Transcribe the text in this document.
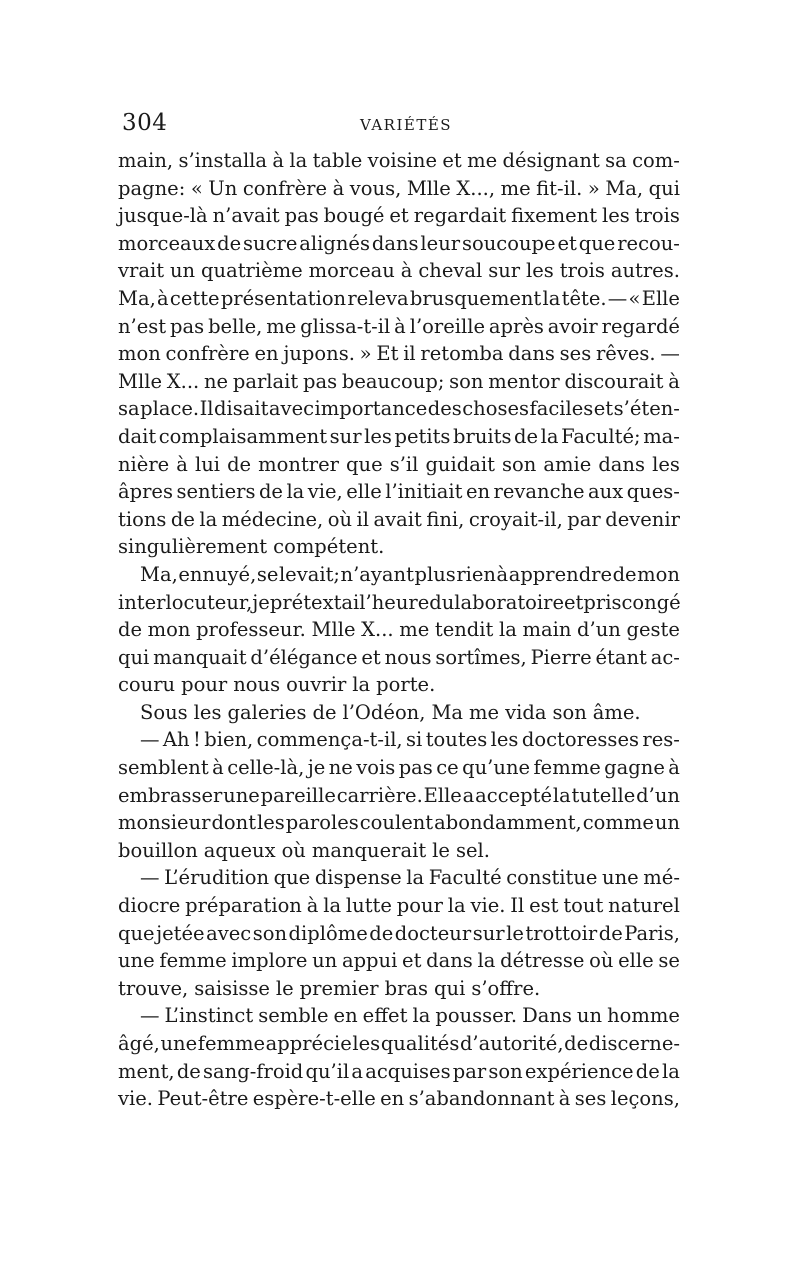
304	VARIÉTÉS
main, s’installa à la table voisine et me désignant sa com-
pagne: « Un confrère à vous, Mlle X..., me fit-il. » Ma, qui
jusque-là n’avait pas bougé et regardait fixement les trois
morceaux de sucre alignés dans leur soucoupe et que recou-
vrait un quatrième morceau à cheval sur les trois autres.
Ma, à cette présentation releva brusquement la tête. — « Elle
n’est pas belle, me glissa-t-il à l’oreille après avoir regardé
mon confrère en jupons. » Et il retomba dans ses rêves. —
Mlle X... ne parlait pas beaucoup; son mentor discourait à
sa place. Il disait avec importance des choses faciles et s’éten-
dait complaisamment sur les petits bruits de la Faculté; ma-
nière à lui de montrer que s’il guidait son amie dans les
âpres sentiers de la vie, elle l’initiait en revanche aux ques-
tions de la médecine, où il avait fini, croyait-il, par devenir
singulièrement compétent.
Ma, ennuyé, se levait; n’ayant plus rien à apprendre de mon
interlocuteur, je prétextai l’heure du laboratoire et pris congé
de mon professeur. Mlle X... me tendit la main d’un geste
qui manquait d’élégance et nous sortîmes, Pierre étant ac-
couru pour nous ouvrir la porte.
Sous les galeries de l’Odéon, Ma me vida son âme.
— Ah ! bien, commença-t-il, si toutes les doctoresses res-
semblent à celle-là, je ne vois pas ce qu’une femme gagne à
embrasser une pareille carrière. Elle a accepté la tutelle d’un
monsieur dont les paroles coulent abondamment, comme un
bouillon aqueux où manquerait le sel.
— L’érudition que dispense la Faculté constitue une mé-
diocre préparation à la lutte pour la vie. Il est tout naturel
que jetée avec son diplôme de docteur sur le trottoir de Paris,
une femme implore un appui et dans la détresse où elle se
trouve, saisisse le premier bras qui s’offre.
— L’instinct semble en effet la pousser. Dans un homme
âgé, une femme apprécie les qualités d’autorité, de discerne-
ment, de sang-froid qu’il a acquises par son expérience de la
vie. Peut-être espère-t-elle en s’abandonnant à ses leçons,
